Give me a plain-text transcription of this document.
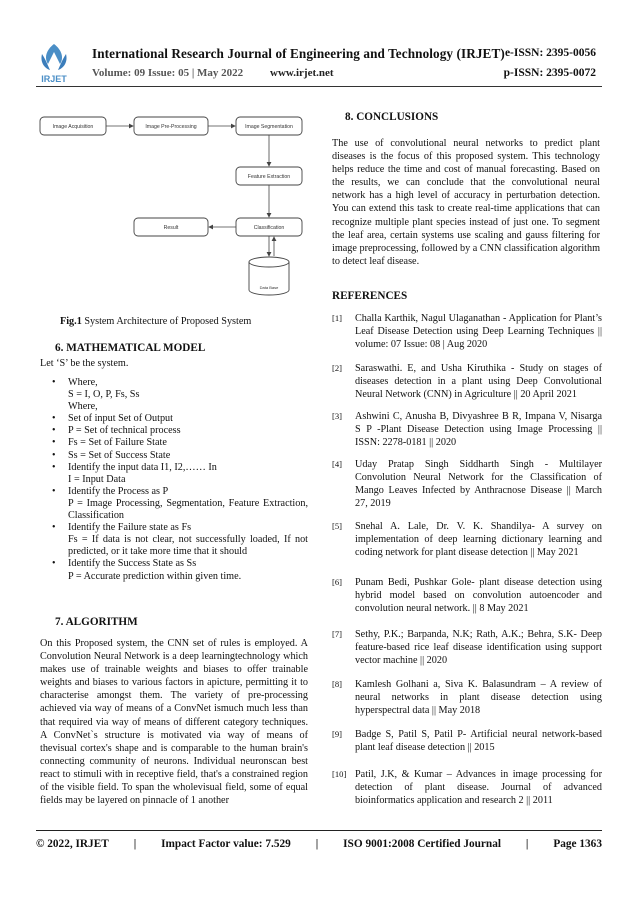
IRJET
International Research Journal of Engineering and Technology (IRJET) e-ISSN: 2395-0056
Volume: 09 Issue: 05 | May 2022 www.irjet.net	p-ISSN: 2395-0072
Image Acquisition	Image Pre-Processing	Image Segmentation
Feature Extraction
Classification
Result
Data Base
Fig.1 System Architecture of Proposed System
6. MATHEMATICAL MODEL
Let ‘S’ be the system.
• Where,
S = I, O, P, Fs, Ss
Where,
• Set of input Set of Output
• P = Set of technical process
• Fs = Set of Failure State
• Ss = Set of Success State
• Identify the input data I1, I2,…… In
I = Input Data
• Identify the Process as P
P = Image Processing, Segmentation, Feature Extraction, Classification
• Identify the Failure state as Fs
Fs = If data is not clear, not successfully loaded, If not predicted, or it take more time that it should
• Identify the Success State as Ss
P = Accurate prediction within given time.
7. ALGORITHM
On this Proposed system, the CNN set of rules is employed. A Convolution Neural Network is a deep learningtechnology which makes use of trainable weights and biases to offer trainable weights and biases to various factors in apicture, permitting it to characterise amongst them. The variety of pre-processing achieved via way of means of a ConvNet ismuch much less than that required via way of means of different category techniques. A ConvNet`s structure is motivated via way of means of thevisual cortex's shape and is comparable to the human brain's connecting community of neurons. Individual neuronscan best react to stimuli with in receptive field, that's a constrained region of the visible field. To span the wholevisual field, some of equal fields may be layered on pinnacle of 1 another
8. CONCLUSIONS
The use of convolutional neural networks to predict plant diseases is the focus of this proposed system. This technology helps reduce the time and cost of manual forecasting. Based on the results, we can conclude that the convolutional neural network has a high level of accuracy in perturbation detection. You can extend this task to create real-time applications that can recognize multiple plant species instead of just one. To segment the leaf area, certain systems use scaling and gauss filtering for image preprocessing, followed by a CNN classification algorithm to detect leaf disease.
REFERENCES
[1] Challa Karthik, Nagul Ulaganathan - Application for Plant’s Leaf Disease Detection using Deep Learning Techniques || volume: 07 Issue: 08 | Aug 2020
[2] Saraswathi. E, and Usha Kiruthika - Study on stages of diseases detection in a plant using Deep Convolutional Neural Network (CNN) in Agriculture || 20 April 2021
[3] Ashwini C, Anusha B, Divyashree B R, Impana V, Nisarga S P -Plant Disease Detection using Image Processing || ISSN: 2278-0181 || 2020
[4] Uday Pratap Singh Siddharth Singh - Multilayer Convolution Neural Network for the Classification of Mango Leaves Infected by Anthracnose Disease || March 27, 2019
[5] Snehal A. Lale, Dr. V. K. Shandilya- A survey on implementation of deep learning dictionary learning and coding network for plant disease detection || May 2021
[6] Punam Bedi, Pushkar Gole- plant disease detection using hybrid model based on convolution autoencoder and convolution neural network. || 8 May 2021
[7] Sethy, P.K.; Barpanda, N.K; Rath, A.K.; Behra, S.K- Deep feature-based rice leaf disease identification using support vector machine || 2020
[8] Kamlesh Golhani a, Siva K. Balasundram – A review of neural networks in plant disease detection using hyperspectral data || May 2018
[9] Badge S, Patil S, Patil P- Artificial neural network-based plant leaf disease detection || 2015
[10] Patil, J.K, & Kumar – Advances in image processing for detection of plant disease. Journal of advanced bioinformatics application and research 2 || 2011
© 2022, IRJET | Impact Factor value: 7.529 | ISO 9001:2008 Certified Journal | Page 1363
